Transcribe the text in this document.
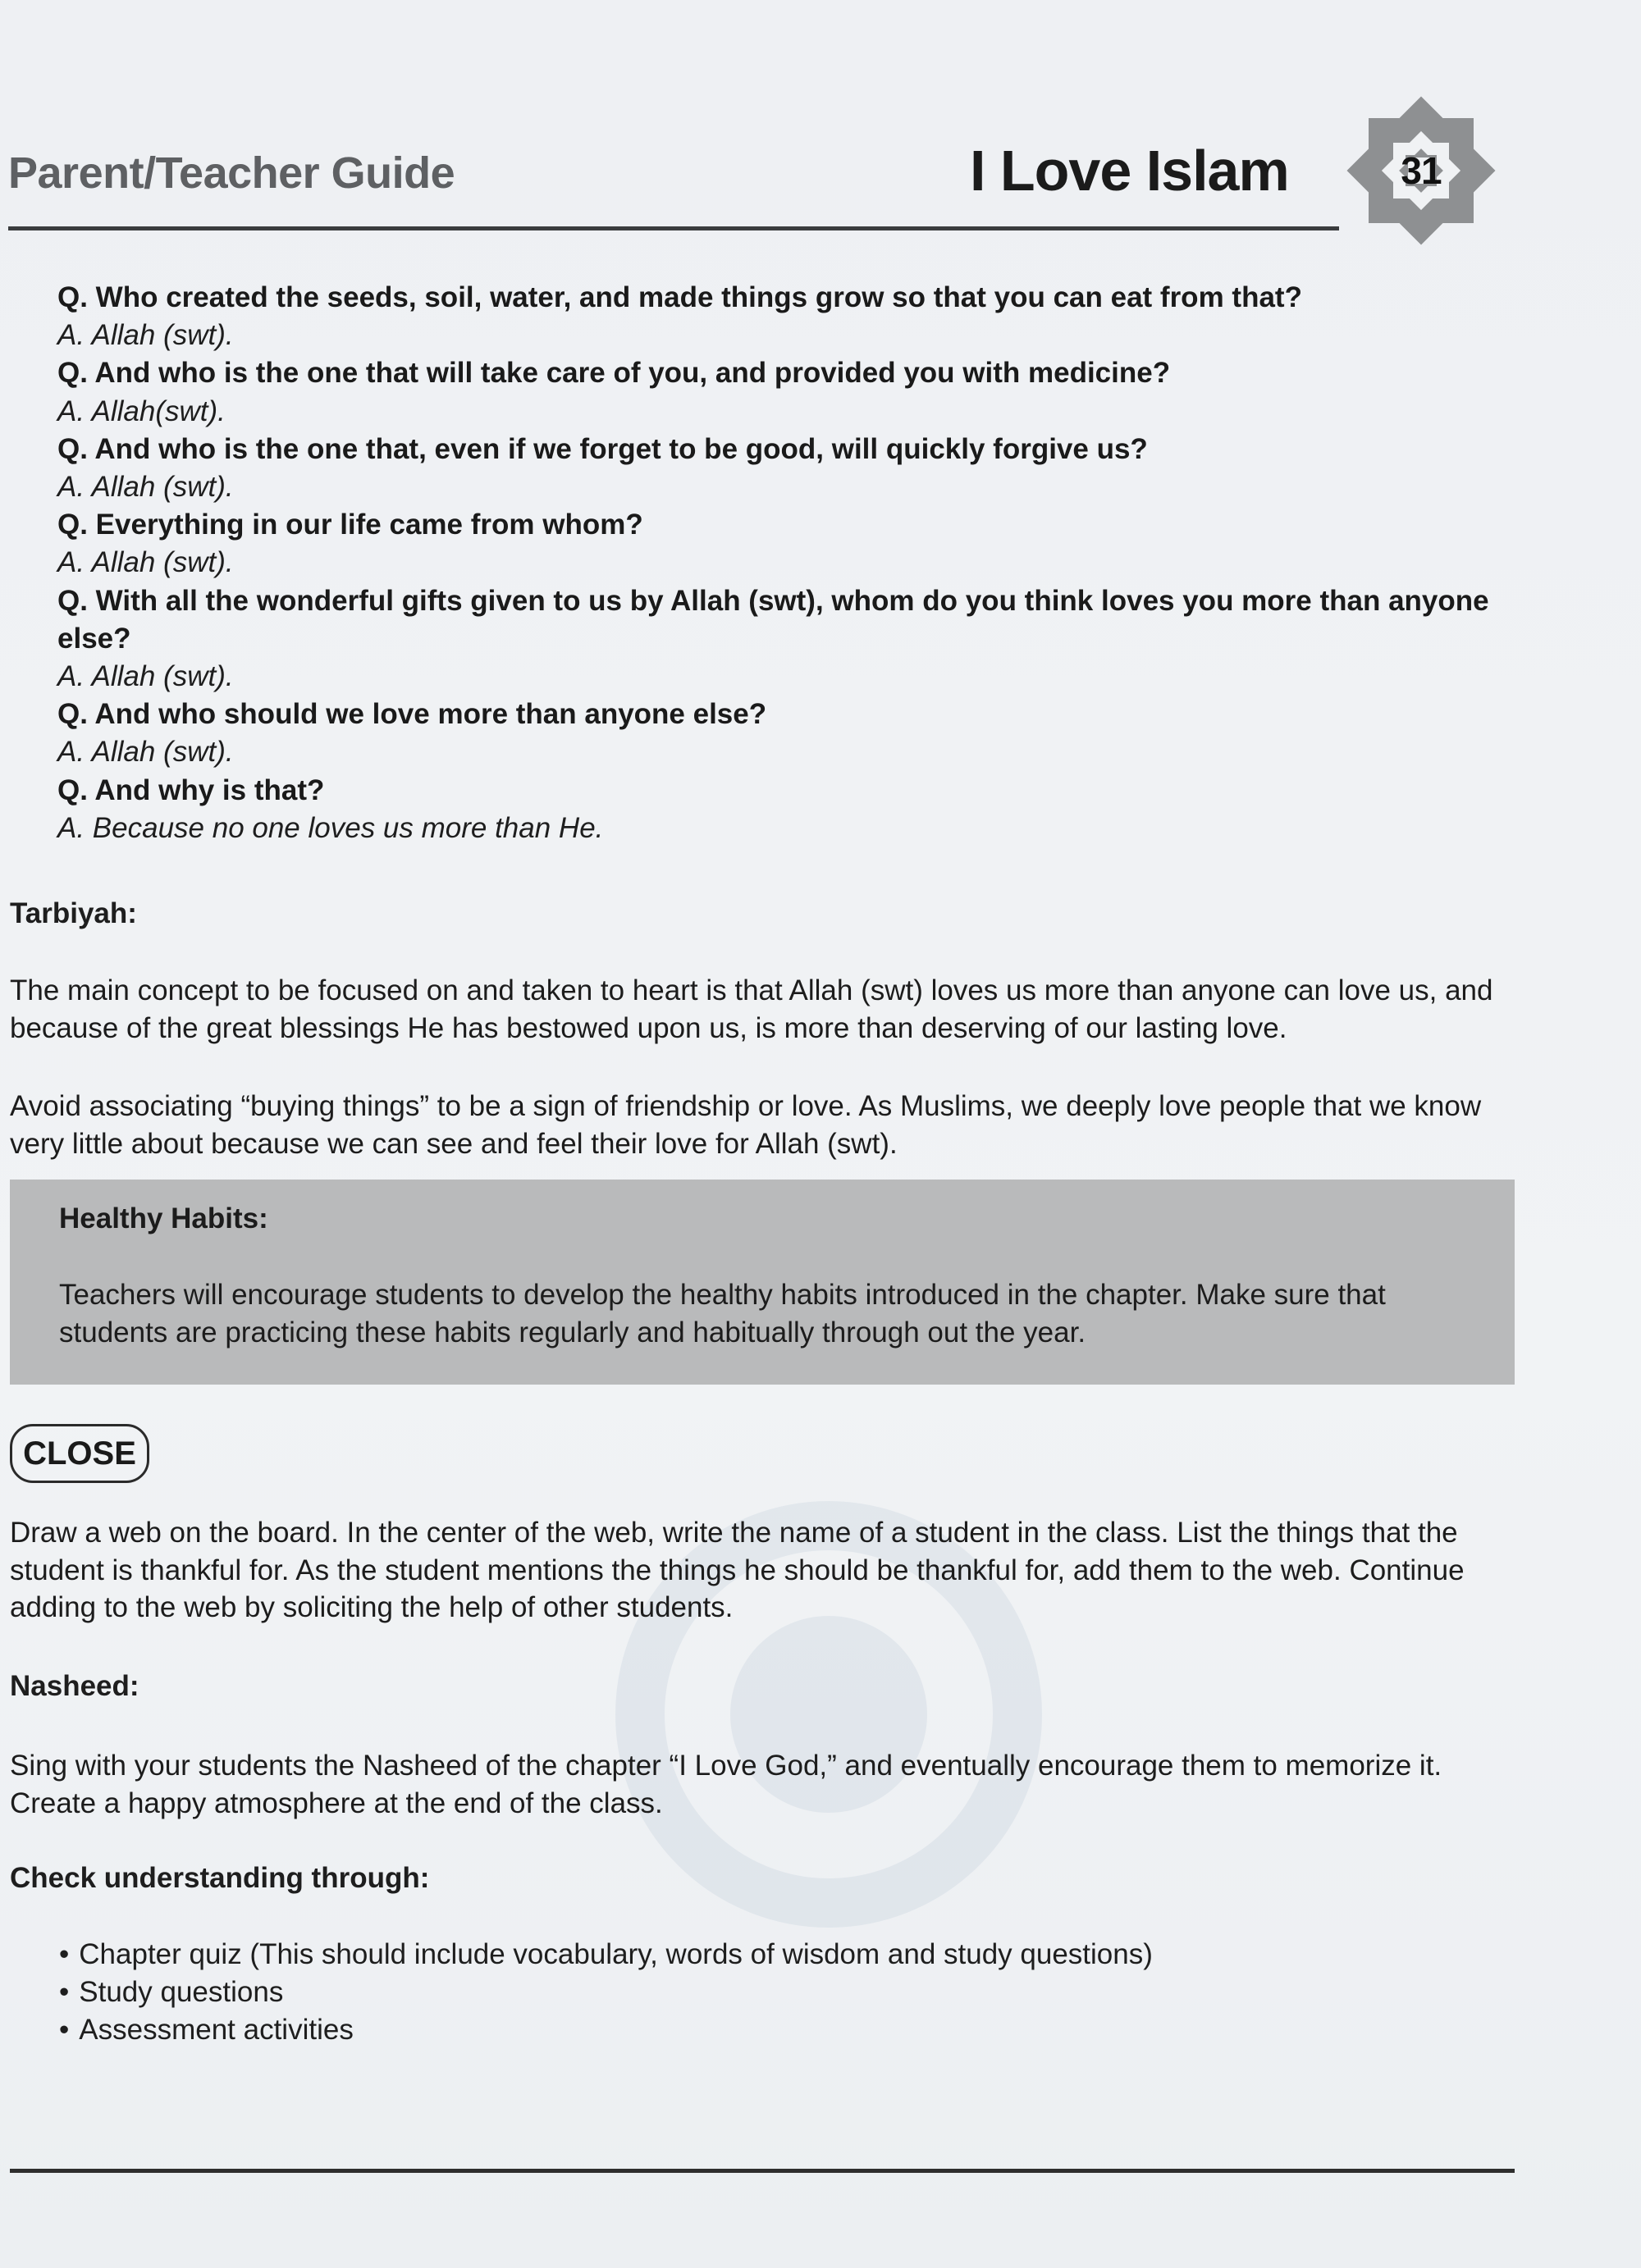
Parent/Teacher Guide	I Love Islam	31
Q. Who created the seeds, soil, water, and made things grow so that you can eat from that?
A. Allah (swt).
Q. And who is the one that will take care of you, and provided you with medicine?
A. Allah(swt).
Q. And who is the one that, even if we forget to be good, will quickly forgive us?
A. Allah (swt).
Q. Everything in our life came from whom?
A. Allah (swt).
Q. With all the wonderful gifts given to us by Allah (swt), whom do you think loves you more than anyone else?
A. Allah (swt).
Q. And who should we love more than anyone else?
A. Allah (swt).
Q. And why is that?
A. Because no one loves us more than He.
Tarbiyah:
The main concept to be focused on and taken to heart is that Allah (swt) loves us more than anyone can love us, and because of the great blessings He has bestowed upon us, is more than deserving of our lasting love.
Avoid associating “buying things” to be a sign of friendship or love. As Muslims, we deeply love people that we know very little about because we can see and feel their love for Allah (swt).
Healthy Habits:
Teachers will encourage students to develop the healthy habits introduced in the chapter. Make sure that students are practicing these habits regularly and habitually through out the year.
CLOSE
Draw a web on the board. In the center of the web, write the name of a student in the class. List the things that the student is thankful for. As the student mentions the things he should be thankful for, add them to the web. Continue adding to the web by soliciting the help of other students.
Nasheed:
Sing with your students the Nasheed of the chapter “I Love God,” and eventually encourage them to memorize it. Create a happy atmosphere at the end of the class.
Check understanding through:
• Chapter quiz (This should include vocabulary, words of wisdom and study questions)
• Study questions
• Assessment activities
